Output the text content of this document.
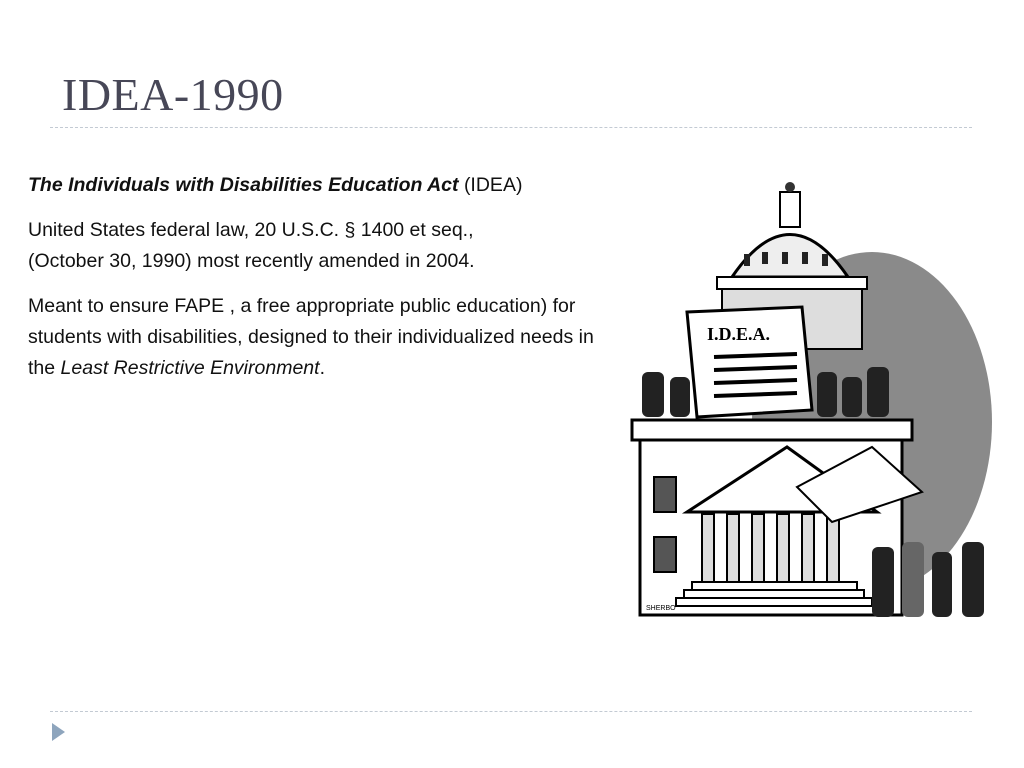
IDEA-1990

The Individuals with Disabilities Education Act (IDEA)

United States federal law, 20 U.S.C. § 1400 et seq.,
(October 30, 1990) most recently amended in 2004.

Meant to ensure FAPE , a free appropriate public education) for students with disabilities, designed to their individualized needs in the Least Restrictive Environment.

I.D.E.A.
SHERBO
